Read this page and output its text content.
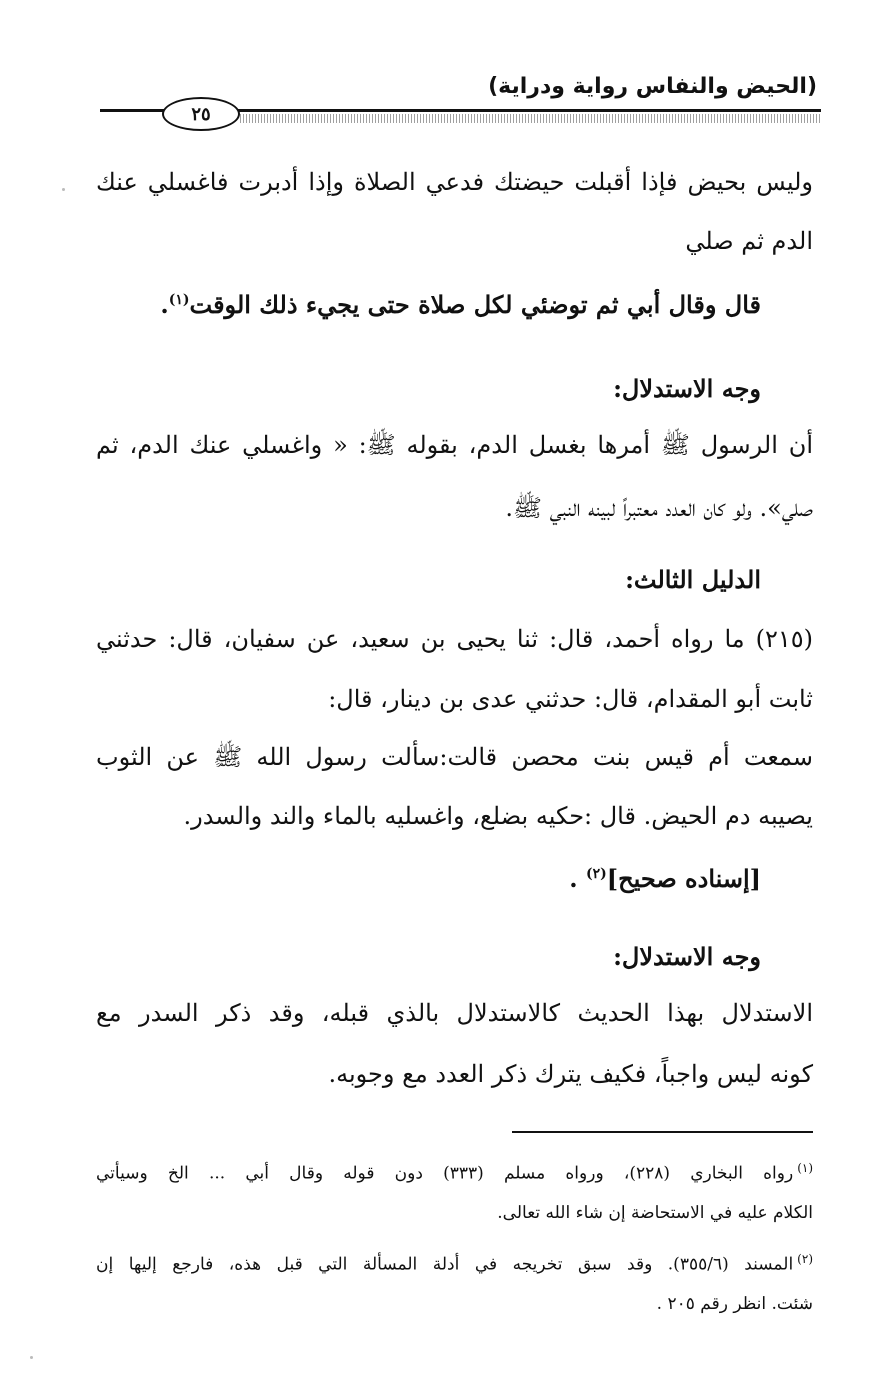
(الحيض والنفاس رواية ودراية)
٢٥
وليس بحيض فإذا أقبلت حيضتك فدعي الصلاة وإذا أدبرت فاغسلي عنك
الدم ثم صلي
قال وقال أبي ثم توضئي لكل صلاة حتى يجيء ذلك الوقت$^{(١)}$.
وجه الاستدلال:
أن الرسول ﷺ أمرها بغسل الدم، بقوله ﷺ: « واغسلي عنك الدم، ثم
صلي». ولو كان العدد معتبراً لبينه النبي ﷺ.
الدليل الثالث:
(٢١٥) ما رواه أحمد، قال: ثنا يحيى بن سعيد، عن سفيان، قال: حدثني
ثابت أبو المقدام، قال: حدثني عدى بن دينار، قال:
سمعت أم قيس بنت محصن قالت:سألت رسول الله ﷺ عن الثوب
يصيبه دم الحيض. قال :حكيه بضلع، واغسليه بالماء والند والسدر.
[إسناده صحيح]$^{(٢)}$ .
وجه الاستدلال:
الاستدلال بهذا الحديث كالاستدلال بالذي قبله، وقد ذكر السدر مع
كونه ليس واجباً، فكيف يترك ذكر العدد مع وجوبه.
$^{(١)}$رواه البخاري (٢٢٨)، ورواه مسلم (٣٣٣) دون قوله وقال أبي ... الخ وسيأتي
الكلام عليه في الاستحاضة إن شاء الله تعالى.
$^{(٢)}$المسند (٣٥٥/٦). وقد سبق تخريجه في أدلة المسألة التي قبل هذه، فارجع إليها إن
شئت. انظر رقم ٢٠٥ .
